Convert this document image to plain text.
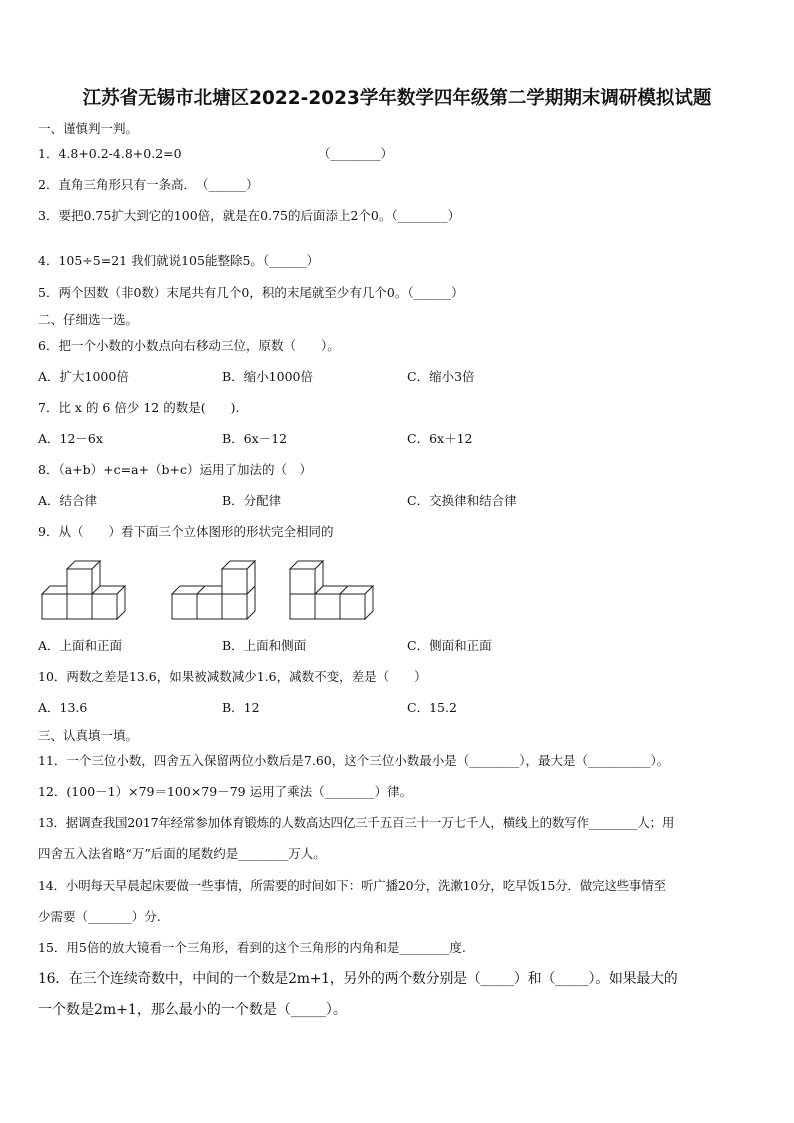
江苏省无锡市北塘区2022-2023学年数学四年级第二学期期末调研模拟试题
一、谨慎判一判。
1．4.8+0.2-4.8+0.2=0	（________）
2．直角三角形只有一条高．　（______）
3．要把0.75扩大到它的100倍，就是在0.75的后面添上2个0。（________）
4．105÷5=21 我们就说105能整除5。（______）
5．两个因数（非0数）末尾共有几个0，积的末尾就至少有几个0。（______）
二、仔细选一选。
6．把一个小数的小数点向右移动三位，原数（　　）。
A．扩大1000倍	B．缩小1000倍	C．缩小3倍
7．比 x 的 6 倍少 12 的数是(　　).
A．12－6x	B．6x－12	C．6x＋12
8．（a+b）+c=a+（b+c）运用了加法的（　）
A．结合律	B．分配律	C．交换律和结合律
9．从（　　）看下面三个立体图形的形状完全相同的
A．上面和正面	B．上面和侧面	C．侧面和正面
10．两数之差是13.6，如果被减数减少1.6，减数不变，差是（　　）
A．13.6	B．12	C．15.2
三、认真填一填。
11．一个三位小数，四舍五入保留两位小数后是7.60，这个三位小数最小是（________），最大是（__________）。
12．(100－1）×79＝100×79－79 运用了乘法（________）律。
13．据调查我国2017年经常参加体育锻炼的人数高达四亿三千五百三十一万七千人，横线上的数写作________人；用
四舍五入法省略“万”后面的尾数约是________万人。
14．小明每天早晨起床要做一些事情，所需要的时间如下：听广播20分，洗漱10分，吃早饭15分．做完这些事情至
少需要（_______）分.
15．用5倍的放大镜看一个三角形，看到的这个三角形的内角和是________度.
16．在三个连续奇数中，中间的一个数是2m+1，另外的两个数分别是（_____）和（_____）。如果最大的
一个数是2m+1，那么最小的一个数是（_____）。
